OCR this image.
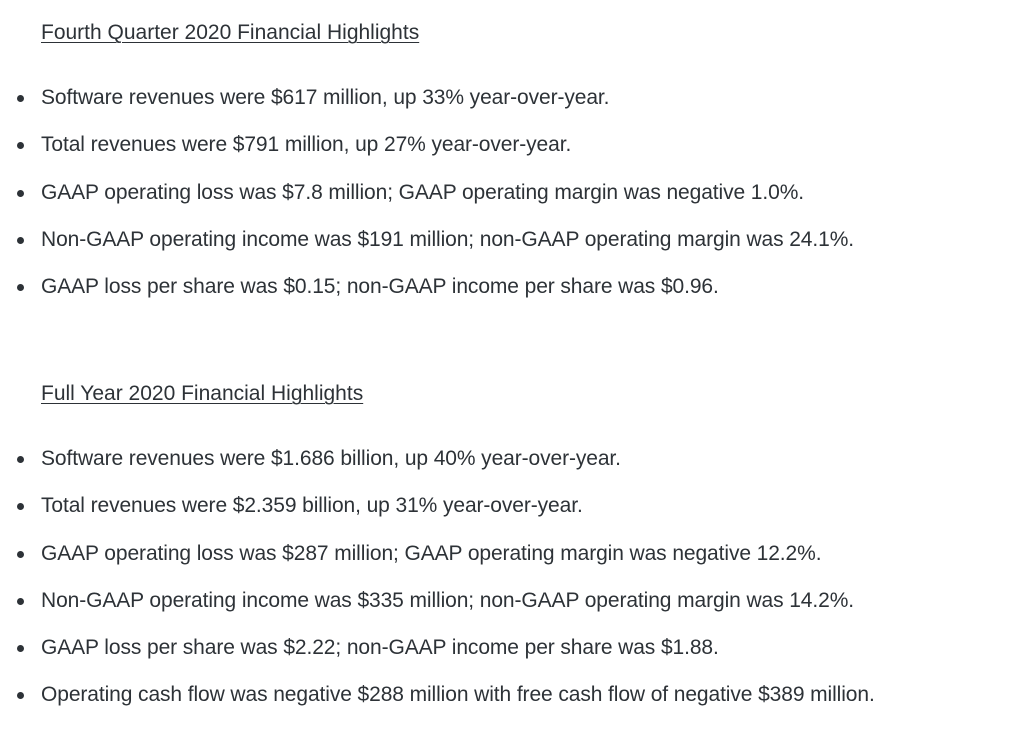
Fourth Quarter 2020 Financial Highlights
Software revenues were $617 million, up 33% year-over-year.
Total revenues were $791 million, up 27% year-over-year.
GAAP operating loss was $7.8 million; GAAP operating margin was negative 1.0%.
Non-GAAP operating income was $191 million; non-GAAP operating margin was 24.1%.
GAAP loss per share was $0.15; non-GAAP income per share was $0.96.
Full Year 2020 Financial Highlights
Software revenues were $1.686 billion, up 40% year-over-year.
Total revenues were $2.359 billion, up 31% year-over-year.
GAAP operating loss was $287 million; GAAP operating margin was negative 12.2%.
Non-GAAP operating income was $335 million; non-GAAP operating margin was 14.2%.
GAAP loss per share was $2.22; non-GAAP income per share was $1.88.
Operating cash flow was negative $288 million with free cash flow of negative $389 million.
